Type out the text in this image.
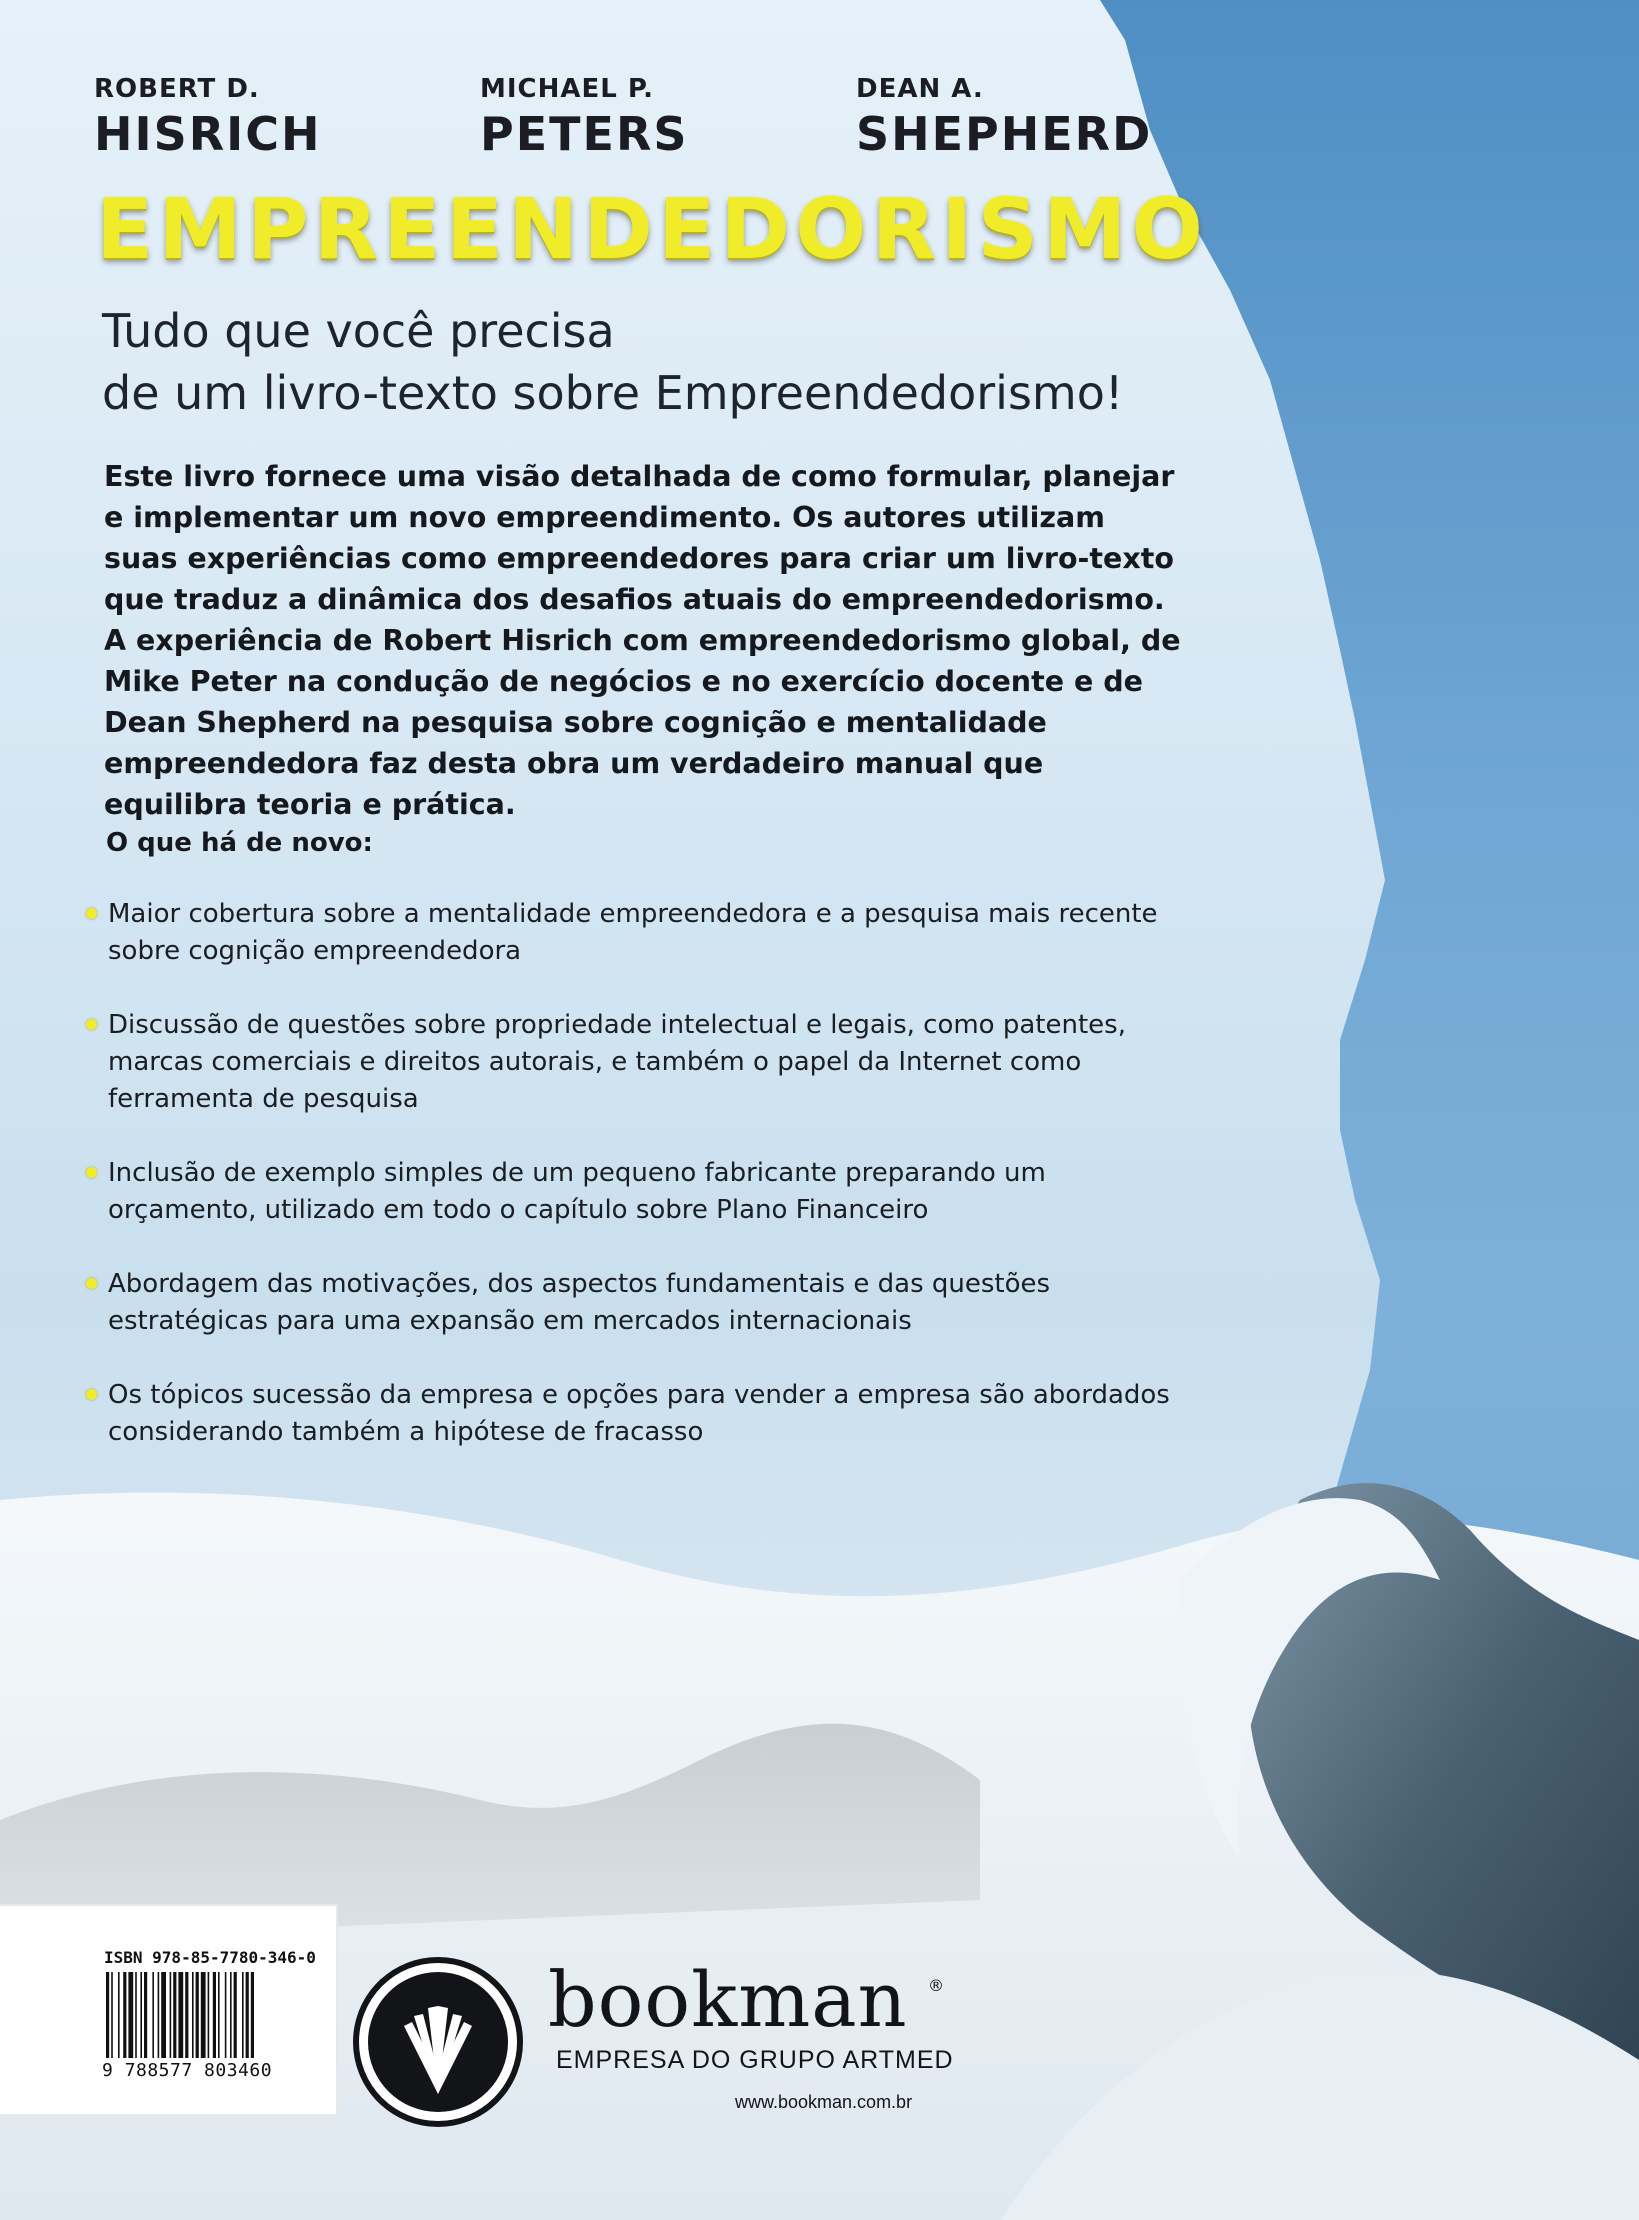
ROBERT D.
HISRICH
MICHAEL P.
PETERS
DEAN A.
SHEPHERD
EMPREENDEDORISMO
Tudo que você precisa
de um livro-texto sobre Empreendedorismo!

Este livro fornece uma visão detalhada de como formular, planejar e implementar um novo empreendimento. Os autores utilizam suas experiências como empreendedores para criar um livro-texto que traduz a dinâmica dos desafios atuais do empreendedorismo. A experiência de Robert Hisrich com empreendedorismo global, de Mike Peter na condução de negócios e no exercício docente e de Dean Shepherd na pesquisa sobre cognição e mentalidade empreendedora faz desta obra um verdadeiro manual que equilibra teoria e prática.

O que há de novo:

Maior cobertura sobre a mentalidade empreendedora e a pesquisa mais recente sobre cognição empreendedora
Discussão de questões sobre propriedade intelectual e legais, como patentes, marcas comerciais e direitos autorais, e também o papel da Internet como ferramenta de pesquisa
Inclusão de exemplo simples de um pequeno fabricante preparando um orçamento, utilizado em todo o capítulo sobre Plano Financeiro
Abordagem das motivações, dos aspectos fundamentais e das questões estratégicas para uma expansão em mercados internacionais
Os tópicos sucessão da empresa e opções para vender a empresa são abordados considerando também a hipótese de fracasso

ISBN 978-85-7780-346-0

9 788577 803460

bookman ®

EMPRESA DO GRUPO ARTMED

www.bookman.com.br
